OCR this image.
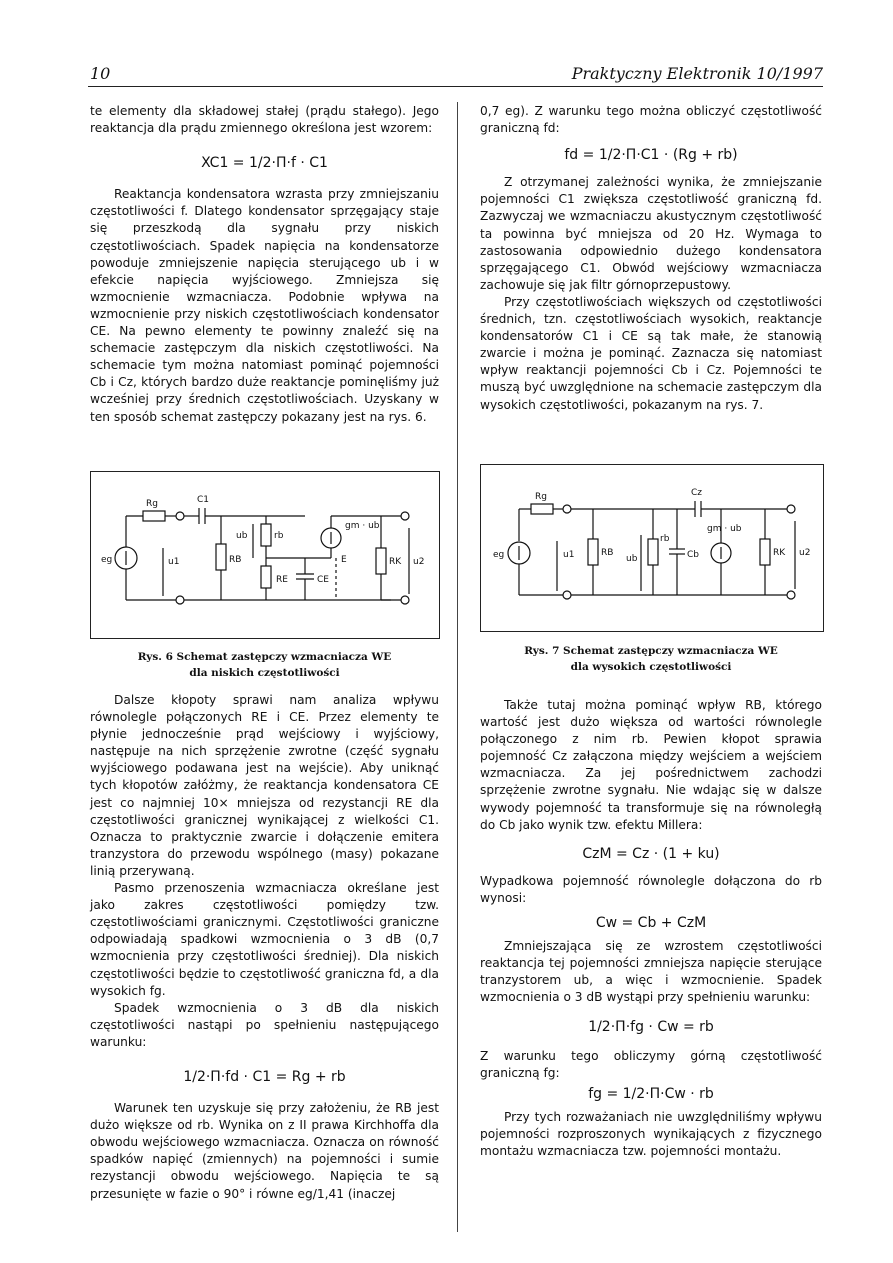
10	Praktyczny Elektronik 10/1997

te elementy dla składowej stałej (prądu stałego). Jego reaktancja dla prądu zmiennego określona jest wzorem:

XC1 = 1/2·Π·f · C1

Reaktancja kondensatora wzrasta przy zmniejszaniu częstotliwości f. Dlatego kondensator sprzęgający staje się przeszkodą dla sygnału przy niskich częstotliwościach. Spadek napięcia na kondensatorze powoduje zmniejszenie napięcia sterującego ub i w efekcie napięcia wyjściowego. Zmniejsza się wzmocnienie wzmacniacza. Podobnie wpływa na wzmocnienie przy niskich częstotliwościach kondensator CE. Na pewno elementy te powinny znaleźć się na schemacie zastępczym dla niskich częstotliwości. Na schemacie tym można natomiast pominąć pojemności Cb i Cz, których bardzo duże reaktancje pominęliśmy już wcześniej przy średnich częstotliwościach. Uzyskany w ten sposób schemat zastępczy pokazany jest na rys. 6.

Rg	C1
eg	u1
ub	rb
RB
gm · ub
E
RE	CE
RK u2
Rys. 6 Schemat zastępczy wzmacniacza WE
dla niskich częstotliwości

Dalsze kłopoty sprawi nam analiza wpływu równolegle połączonych RE i CE. Przez elementy te płynie jednocześnie prąd wejściowy i wyjściowy, następuje na nich sprzężenie zwrotne (część sygnału wyjściowego podawana jest na wejście). Aby uniknąć tych kłopotów załóżmy, że reaktancja kondensatora CE jest co najmniej 10× mniejsza od rezystancji RE dla częstotliwości granicznej wynikającej z wielkości C1. Oznacza to praktycznie zwarcie i dołączenie emitera tranzystora do przewodu wspólnego (masy) pokazane linią przerywaną.

Pasmo przenoszenia wzmacniacza określane jest jako zakres częstotliwości pomiędzy tzw. częstotliwościami granicznymi. Częstotliwości graniczne odpowiadają spadkowi wzmocnienia o 3 dB (0,7 wzmocnienia przy częstotliwości średniej). Dla niskich częstotliwości będzie to częstotliwość graniczna fd, a dla wysokich fg.

Spadek wzmocnienia o 3 dB dla niskich częstotliwości nastąpi po spełnieniu następującego warunku:

1/2·Π·fd · C1 = Rg + rb

Warunek ten uzyskuje się przy założeniu, że RB jest dużo większe od rb. Wynika on z II prawa Kirchhoffa dla obwodu wejściowego wzmacniacza. Oznacza on równość spadków napięć (zmiennych) na pojemności i sumie rezystancji obwodu wejściowego. Napięcia te są przesunięte w fazie o 90° i równe eg/1,41 (inaczej

0,7 eg). Z warunku tego można obliczyć częstotliwość graniczną fd:

fd = 1/2·Π·C1 · (Rg + rb)

Z otrzymanej zależności wynika, że zmniejszanie pojemności C1 zwiększa częstotliwość graniczną fd. Zazwyczaj we wzmacniaczu akustycznym częstotliwość ta powinna być mniejsza od 20 Hz. Wymaga to zastosowania odpowiednio dużego kondensatora sprzęgającego C1. Obwód wejściowy wzmacniacza zachowuje się jak filtr górnoprzepustowy.

Przy częstotliwościach większych od częstotliwości średnich, tzn. częstotliwościach wysokich, reaktancje kondensatorów C1 i CE są tak małe, że stanowią zwarcie i można je pominąć. Zaznacza się natomiast wpływ reaktancji pojemności Cb i Cz. Pojemności te muszą być uwzględnione na schemacie zastępczym dla wysokich częstotliwości, pokazanym na rys. 7.

Rg	Cz
eg	u1	RB
ub
rb
Cb
gm · ub
RK u2
Rys. 7 Schemat zastępczy wzmacniacza WE
dla wysokich częstotliwości

Także tutaj można pominąć wpływ RB, którego wartość jest dużo większa od wartości równolegle połączonego z nim rb. Pewien kłopot sprawia pojemność Cz załączona między wejściem a wejściem wzmacniacza. Za jej pośrednictwem zachodzi sprzężenie zwrotne sygnału. Nie wdając się w dalsze wywody pojemność ta transformuje się na równoległą do Cb jako wynik tzw. efektu Millera:

CzM = Cz · (1 + ku)

Wypadkowa pojemność równolegle dołączona do rb wynosi:

Cw = Cb + CzM

Zmniejszająca się ze wzrostem częstotliwości reaktancja tej pojemności zmniejsza napięcie sterujące tranzystorem ub, a więc i wzmocnienie. Spadek wzmocnienia o 3 dB wystąpi przy spełnieniu warunku:

1/2·Π·fg · Cw = rb

Z warunku tego obliczymy górną częstotliwość graniczną fg:

fg = 1/2·Π·Cw · rb

Przy tych rozważaniach nie uwzględniliśmy wpływu pojemności rozproszonych wynikających z fizycznego montażu wzmacniacza tzw. pojemności montażu.
